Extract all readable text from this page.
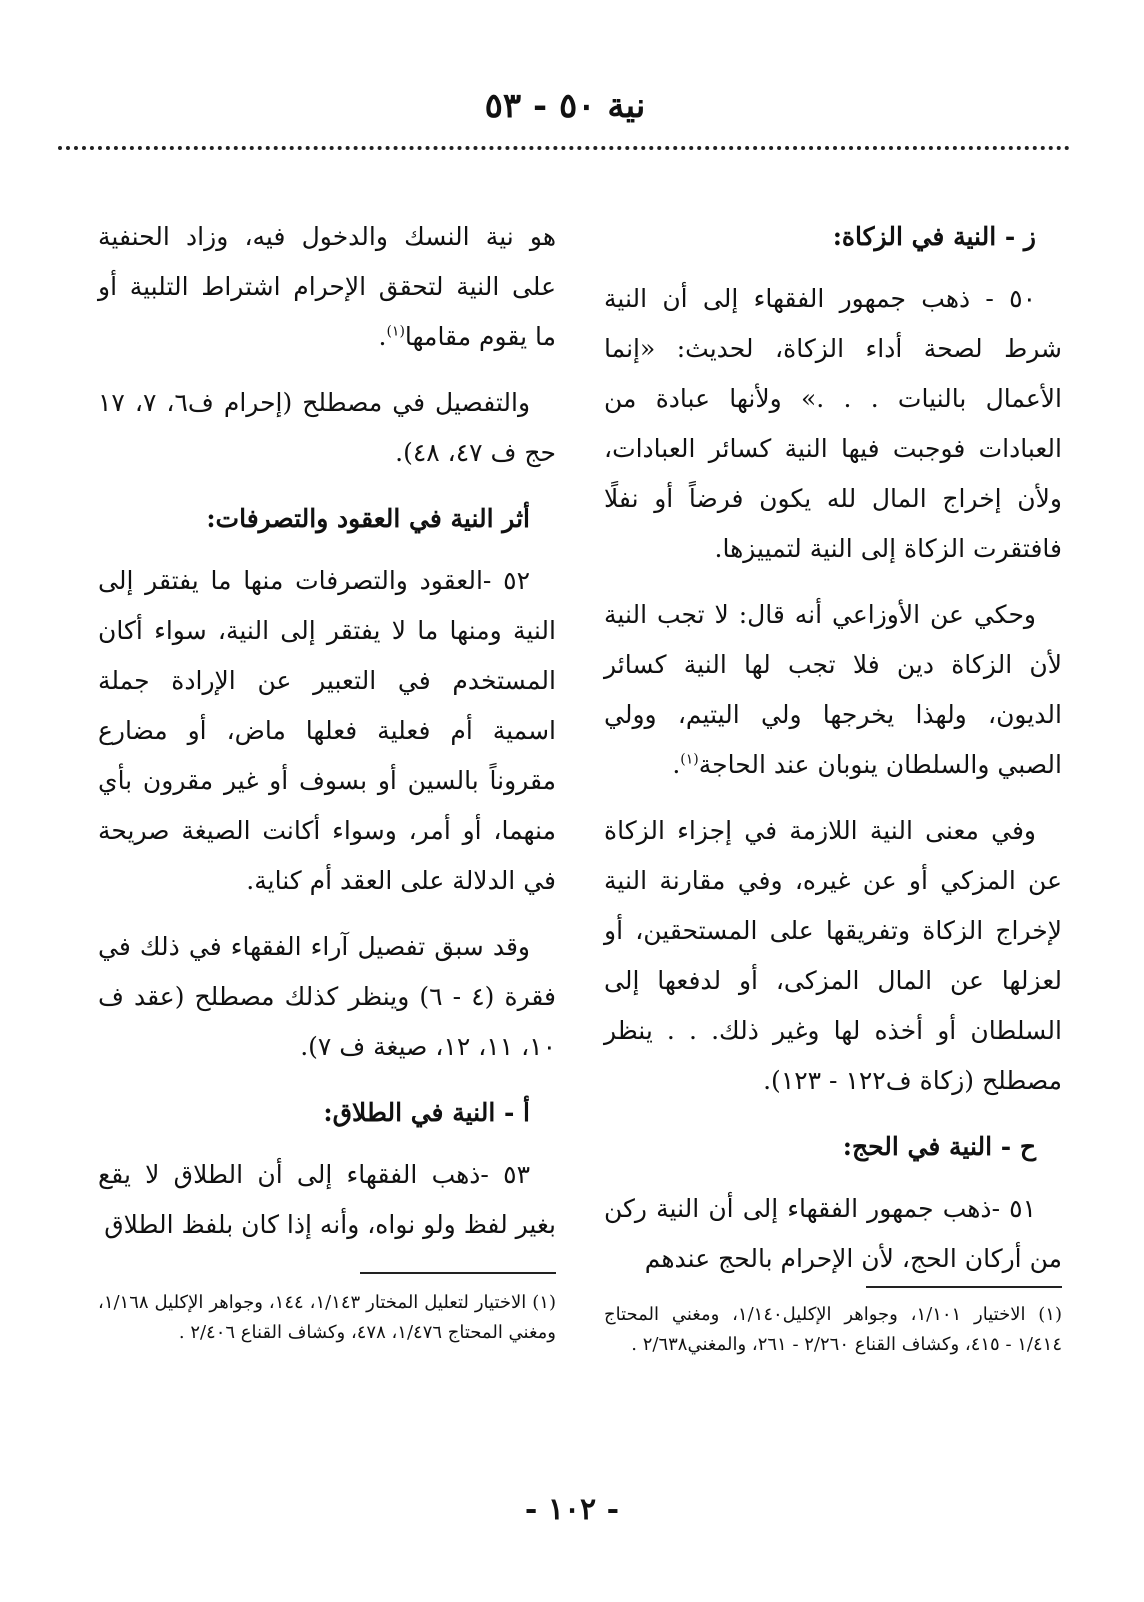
نية ٥٠ - ٥٣
ز - النية في الزكاة:

٥٠ - ذهب جمهور الفقهاء إلى أن النية شرط لصحة أداء الزكاة، لحديث: «إنما الأعمال بالنيات . . .» ولأنها عبادة من العبادات فوجبت فيها النية كسائر العبادات، ولأن إخراج المال لله يكون فرضاً أو نفلًا فافتقرت الزكاة إلى النية لتمييزها.

وحكي عن الأوزاعي أنه قال: لا تجب النية لأن الزكاة دين فلا تجب لها النية كسائر الديون، ولهذا يخرجها ولي اليتيم، وولي الصبي والسلطان ينوبان عند الحاجة$^{(١)}$.

وفي معنى النية اللازمة في إجزاء الزكاة عن المزكي أو عن غيره، وفي مقارنة النية لإخراج الزكاة وتفريقها على المستحقين، أو لعزلها عن المال المزكى، أو لدفعها إلى السلطان أو أخذه لها وغير ذلك. . . ينظر مصطلح (زكاة ف١٢٢ - ١٢٣).

ح - النية في الحج:

٥١ -ذهب جمهور الفقهاء إلى أن النية ركن من أركان الحج، لأن الإحرام بالحج عندهم

هو نية النسك والدخول فيه، وزاد الحنفية على النية لتحقق الإحرام اشتراط التلبية أو ما يقوم مقامها$^{(١)}$.

والتفصيل في مصطلح (إحرام ف٦، ٧، ١٧ حج ف ٤٧، ٤٨).

أثر النية في العقود والتصرفات:

٥٢ -العقود والتصرفات منها ما يفتقر إلى النية ومنها ما لا يفتقر إلى النية، سواء أكان المستخدم في التعبير عن الإرادة جملة اسمية أم فعلية فعلها ماض، أو مضارع مقروناً بالسين أو بسوف أو غير مقرون بأي منهما، أو أمر، وسواء أكانت الصيغة صريحة في الدلالة على العقد أم كناية.

وقد سبق تفصيل آراء الفقهاء في ذلك في فقرة (٤ - ٦) وينظر كذلك مصطلح (عقد ف ١٠، ١١، ١٢، صيغة ف ٧).

أ - النية في الطلاق:

٥٣ -ذهب الفقهاء إلى أن الطلاق لا يقع بغير لفظ ولو نواه، وأنه إذا كان بلفظ الطلاق

(١) الاختيار ١/١٠١، وجواهر الإكليل١/١٤٠، ومغني المحتاج ١/٤١٤ - ٤١٥، وكشاف القناع ٢/٢٦٠ - ٢٦١، والمغني٢/٦٣٨ .
(١) الاختيار لتعليل المختار ١/١٤٣، ١٤٤، وجواهر الإكليل ١/١٦٨، ومغني المحتاج ١/٤٧٦، ٤٧٨، وكشاف القناع ٢/٤٠٦ .
- ١٠٢ -
